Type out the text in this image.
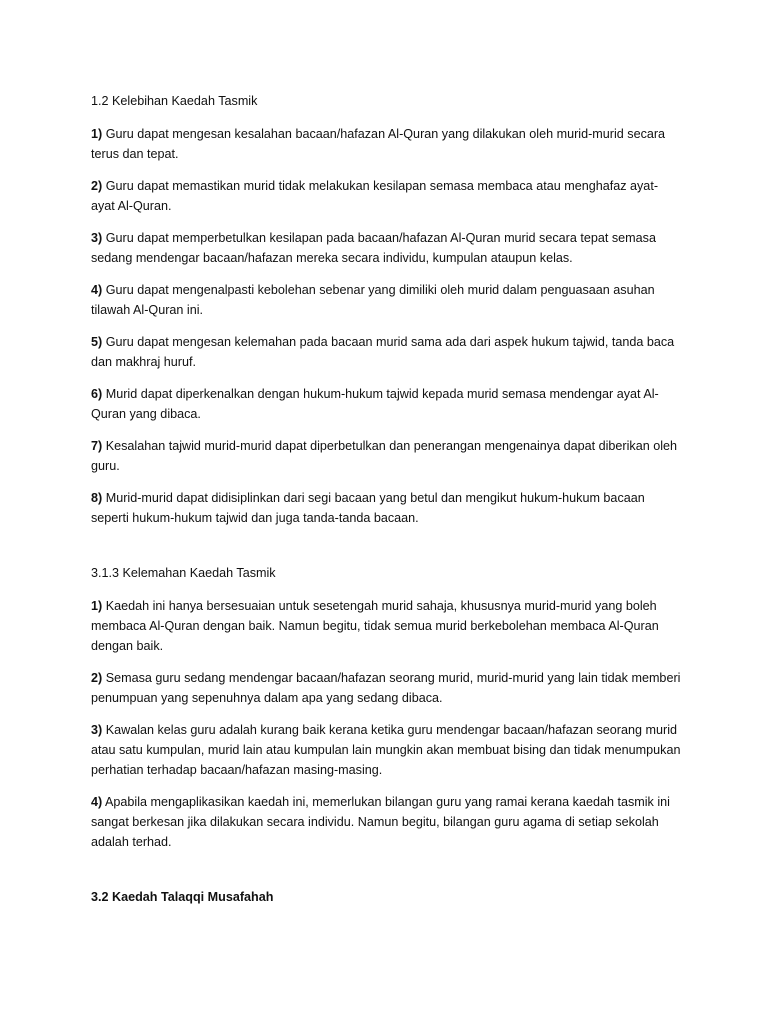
1.2 Kelebihan Kaedah Tasmik

1) Guru dapat mengesan kesalahan bacaan/hafazan Al-Quran yang dilakukan oleh murid-murid secara terus dan tepat.

2) Guru dapat memastikan murid tidak melakukan kesilapan semasa membaca atau menghafaz ayat-ayat Al-Quran.

3) Guru dapat memperbetulkan kesilapan pada bacaan/hafazan Al-Quran murid secara tepat semasa sedang mendengar bacaan/hafazan mereka secara individu, kumpulan ataupun kelas.

4) Guru dapat mengenalpasti kebolehan sebenar yang dimiliki oleh murid dalam penguasaan asuhan tilawah Al-Quran ini.

5) Guru dapat mengesan kelemahan pada bacaan murid sama ada dari aspek hukum tajwid, tanda baca dan makhraj huruf.

6) Murid dapat diperkenalkan dengan hukum-hukum tajwid kepada murid semasa mendengar ayat Al-Quran yang dibaca.

7) Kesalahan tajwid murid-murid dapat diperbetulkan dan penerangan mengenainya dapat diberikan oleh guru.

8) Murid-murid dapat didisiplinkan dari segi bacaan yang betul dan mengikut hukum-hukum bacaan seperti hukum-hukum tajwid dan juga tanda-tanda bacaan.

3.1.3 Kelemahan Kaedah Tasmik

1) Kaedah ini hanya bersesuaian untuk sesetengah murid sahaja, khususnya murid-murid yang boleh membaca Al-Quran dengan baik. Namun begitu, tidak semua murid berkebolehan membaca Al-Quran dengan baik.

2) Semasa guru sedang mendengar bacaan/hafazan seorang murid, murid-murid yang lain tidak memberi penumpuan yang sepenuhnya dalam apa yang sedang dibaca.

3) Kawalan kelas guru adalah kurang baik kerana ketika guru mendengar bacaan/hafazan seorang murid atau satu kumpulan, murid lain atau kumpulan lain mungkin akan membuat bising dan tidak menumpukan perhatian terhadap bacaan/hafazan masing-masing.

4) Apabila mengaplikasikan kaedah ini, memerlukan bilangan guru yang ramai kerana kaedah tasmik ini sangat berkesan jika dilakukan secara individu. Namun begitu, bilangan guru agama di setiap sekolah adalah terhad.

3.2 Kaedah Talaqqi Musafahah
